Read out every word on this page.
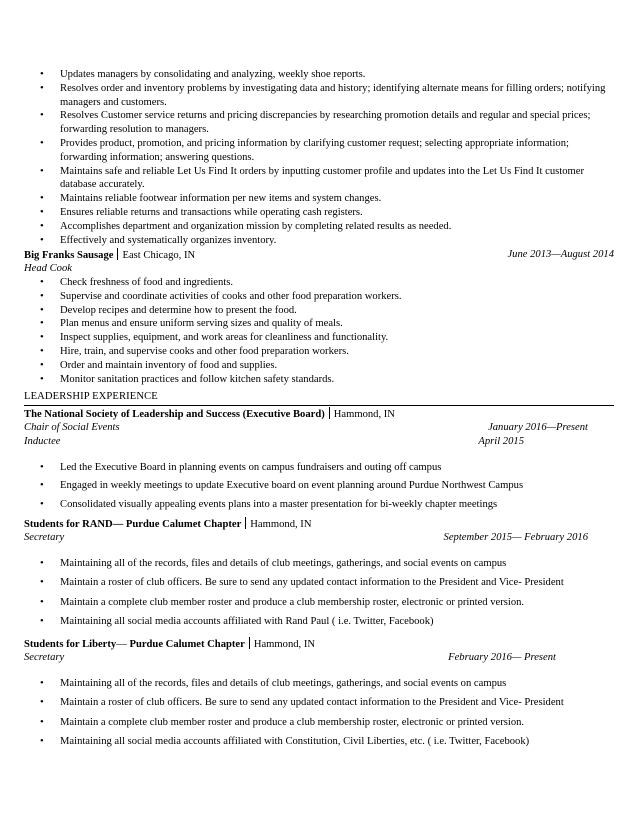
• Updates managers by consolidating and analyzing, weekly shoe reports.
• Resolves order and inventory problems by investigating data and history; identifying alternate means for filling orders; notifying managers and customers.
• Resolves Customer service returns and pricing discrepancies by researching promotion details and regular and special prices; forwarding resolution to managers.
• Provides product, promotion, and pricing information by clarifying customer request; selecting appropriate information; forwarding information; answering questions.
• Maintains safe and reliable Let Us Find It orders by inputting customer profile and updates into the Let Us Find It customer database accurately.
• Maintains reliable footwear information per new items and system changes.
• Ensures reliable returns and transactions while operating cash registers.
• Accomplishes department and organization mission by completing related results as needed.
• Effectively and systematically organizes inventory.
Big Franks Sausage East Chicago, IN	June 2013—August 2014
Head Cook
• Check freshness of food and ingredients.
• Supervise and coordinate activities of cooks and other food preparation workers.
• Develop recipes and determine how to present the food.
• Plan menus and ensure uniform serving sizes and quality of meals.
• Inspect supplies, equipment, and work areas for cleanliness and functionality.
• Hire, train, and supervise cooks and other food preparation workers.
• Order and maintain inventory of food and supplies.
• Monitor sanitation practices and follow kitchen safety standards.
LEADERSHIP EXPERIENCE
The National Society of Leadership and Success (Executive Board) Hammond, IN
Chair of Social Events	January 2016—Present
Inductee	April 2015
• Led the Executive Board in planning events on campus fundraisers and outing off campus
• Engaged in weekly meetings to update Executive board on event planning around Purdue Northwest Campus
• Consolidated visually appealing events plans into a master presentation for bi-weekly chapter meetings
Students for RAND— Purdue Calumet Chapter Hammond, IN
Secretary	September 2015— February 2016
• Maintaining all of the records, files and details of club meetings, gatherings, and social events on campus
• Maintain a roster of club officers. Be sure to send any updated contact information to the President and Vice- President
• Maintain a complete club member roster and produce a club membership roster, electronic or printed version.
• Maintaining all social media accounts affiliated with Rand Paul ( i.e. Twitter, Facebook)
Students for Liberty— Purdue Calumet Chapter Hammond, IN
Secretary	February 2016— Present
• Maintaining all of the records, files and details of club meetings, gatherings, and social events on campus
• Maintain a roster of club officers. Be sure to send any updated contact information to the President and Vice- President
• Maintain a complete club member roster and produce a club membership roster, electronic or printed version.
• Maintaining all social media accounts affiliated with Constitution, Civil Liberties, etc. ( i.e. Twitter, Facebook)
